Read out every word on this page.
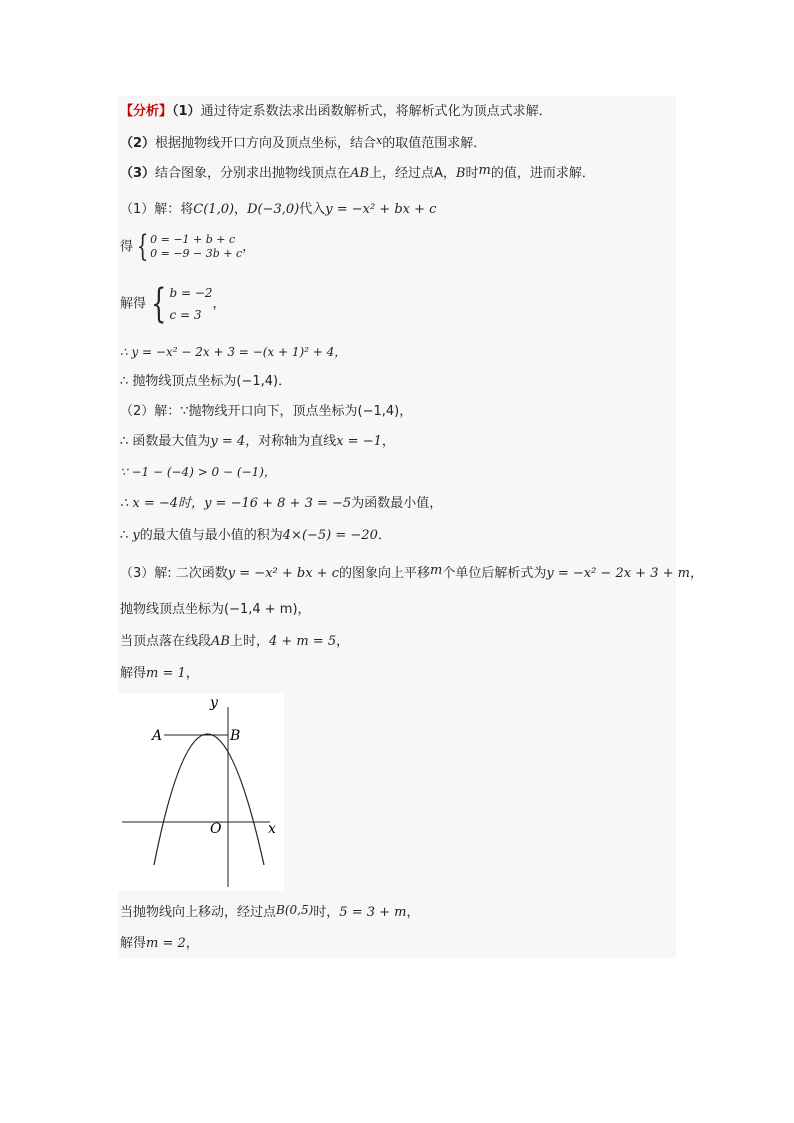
【分析】（1）通过待定系数法求出函数解析式，将解析式化为顶点式求解．
（2）根据抛物线开口方向及顶点坐标，结合$^x$的取值范围求解．
（3）结合图象，分别求出抛物线顶点在AB上，经过点A，B时m的值，进而求解．
（1）解：将C(1,0)，D(−3,0)代入y = −x² + bx + c
得 { 0 = −1 + b + c
0 = −9 − 3b + c，
解得 { b = −2
c = 3，
∴ y = −x² − 2x + 3 = −(x + 1)² + 4，
∴ 抛物线顶点坐标为(−1,4)．
（2）解：∵抛物线开口向下，顶点坐标为(−1,4)，
∴ 函数最大值为y = 4，对称轴为直线x = −1，
∵ −1 − (−4) > 0 − (−1)，
∴ x = −4时，y = −16 + 8 + 3 = −5为函数最小值，
∴ y的最大值与最小值的积为4×(−5) = −20．
（3）解: 二次函数y = −x² + bx + c的图象向上平移m个单位后解析式为y = −x² − 2x + 3 + m，
抛物线顶点坐标为(−1,4 + m)，
当顶点落在线段AB上时，4 + m = 5，
解得m = 1，
y
x
O
A	B
当抛物线向上移动，经过点B(0,5)时，5 = 3 + m，
解得m = 2，
